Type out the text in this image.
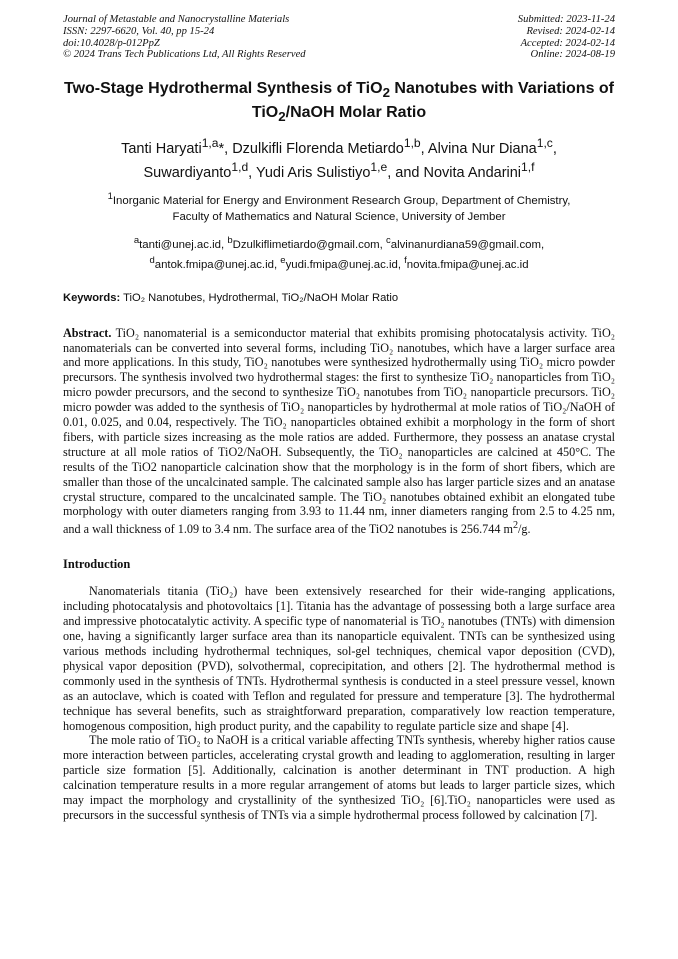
Journal of Metastable and Nanocrystalline Materials
ISSN: 2297-6620, Vol. 40, pp 15-24
doi:10.4028/p-012PpZ
© 2024 Trans Tech Publications Ltd, All Rights Reserved
Submitted: 2023-11-24
Revised: 2024-02-14
Accepted: 2024-02-14
Online: 2024-08-19
Two-Stage Hydrothermal Synthesis of TiO$_2$ Nanotubes with Variations of
TiO$_2$/NaOH Molar Ratio
Tanti Haryati$^{1,a}$*, Dzulkifli Florenda Metiardo$^{1,b}$, Alvina Nur Diana$^{1,c}$,
Suwardiyanto$^{1,d}$, Yudi Aris Sulistiyo$^{1,e}$, and Novita Andarini$^{1,f}$
$^1$Inorganic Material for Energy and Environment Research Group, Department of Chemistry,
Faculty of Mathematics and Natural Science, University of Jember
$^a$tanti@unej.ac.id, $^b$Dzulkiflimetiardo@gmail.com, $^c$alvinanurdiana59@gmail.com,
$^d$antok.fmipa@unej.ac.id, $^e$yudi.fmipa@unej.ac.id, $^f$novita.fmipa@unej.ac.id
Keywords: TiO₂ Nanotubes, Hydrothermal, TiO₂/NaOH Molar Ratio
Abstract. TiO₂ nanomaterial is a semiconductor material that exhibits promising photocatalysis activity. TiO₂ nanomaterials can be converted into several forms, including TiO₂ nanotubes, which have a larger surface area and more applications. In this study, TiO₂ nanotubes were synthesized hydrothermally using TiO₂ micro powder precursors. The synthesis involved two hydrothermal stages: the first to synthesize TiO₂ nanoparticles from TiO₂ micro powder precursors, and the second to synthesize TiO₂ nanotubes from TiO₂ nanoparticle precursors. TiO₂ micro powder was added to the synthesis of TiO₂ nanoparticles by hydrothermal at mole ratios of TiO₂/NaOH of 0.01, 0.025, and 0.04, respectively. The TiO₂ nanoparticles obtained exhibit a morphology in the form of short fibers, with particle sizes increasing as the mole ratios are added. Furthermore, they possess an anatase crystal structure at all mole ratios of TiO2/NaOH. Subsequently, the TiO₂ nanoparticles are calcined at 450°C. The results of the TiO2 nanoparticle calcination show that the morphology is in the form of short fibers, which are smaller than those of the uncalcinated sample. The calcinated sample also has larger particle sizes and an anatase crystal structure, compared to the uncalcinated sample. The TiO₂ nanotubes obtained exhibit an elongated tube morphology with outer diameters ranging from 3.93 to 11.44 nm, inner diameters ranging from 2.5 to 4.25 nm, and a wall thickness of 1.09 to 3.4 nm. The surface area of the TiO2 nanotubes is 256.744 $m^2/g$.
Introduction
Nanomaterials titania (TiO₂) have been extensively researched for their wide-ranging applications, including photocatalysis and photovoltaics [1]. Titania has the advantage of possessing both a large surface area and impressive photocatalytic activity. A specific type of nanomaterial is TiO₂ nanotubes (TNTs) with dimension one, having a significantly larger surface area than its nanoparticle equivalent. TNTs can be synthesized using various methods including hydrothermal techniques, sol-gel techniques, chemical vapor deposition (CVD), physical vapor deposition (PVD), solvothermal, coprecipitation, and others [2]. The hydrothermal method is commonly used in the synthesis of TNTs. Hydrothermal synthesis is conducted in a steel pressure vessel, known as an autoclave, which is coated with Teflon and regulated for pressure and temperature [3]. The hydrothermal technique has several benefits, such as straightforward preparation, comparatively low reaction temperature, homogenous composition, high product purity, and the capability to regulate particle size and shape [4].
The mole ratio of TiO₂ to NaOH is a critical variable affecting TNTs synthesis, whereby higher ratios cause more interaction between particles, accelerating crystal growth and leading to agglomeration, resulting in larger particle size formation [5]. Additionally, calcination is another determinant in TNT production. A high calcination temperature results in a more regular arrangement of atoms but leads to larger particle sizes, which may impact the morphology and crystallinity of the synthesized TiO₂ [6].TiO₂ nanoparticles were used as precursors in the successful synthesis of TNTs via a simple hydrothermal process followed by calcination [7].
